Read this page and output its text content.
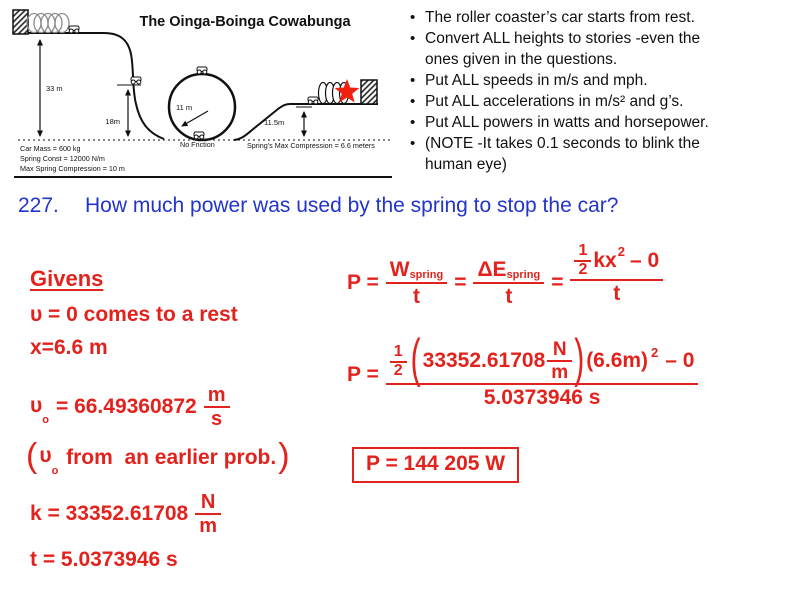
The Oinga-Boinga Cowabunga
33 m
18m
11 m
11.5m
No Friction	Spring's Max Compression = 6.6 meters
Car Mass = 600 kg
Spring Const = 12000 N/m
Max Spring Compression = 10 m
• The roller coaster’s car starts from rest.
• Convert ALL heights to stories -even the
ones given in the questions.
• Put ALL speeds in m/s and mph.
• Put ALL accelerations in m/s² and g’s.
• Put ALL powers in watts and horsepower.
• (NOTE -It takes 0.1 seconds to blink the
human eye)
227.	How much power was used by the spring to stop the car?
Givens
υ = 0 comes to a rest
x=6.6 m
$\upsilon_o$
= $66.49360872 \frac{m}{s}$
( $\upsilon_o$
from  an earlier prob. )
$k = 33352.61708 \frac{N}{m}$
t = 5.0373946 s
P =
$W_{spring}$
t
=
$\Delta E_{spring}$
t
= $\frac{\frac{1}{2} kx^2 - 0}{t}$
$P = \frac{1}{2}$ ( $33352.61708 \frac{N}{m}$ ) $(6.6m)^2 - 0$
5.0373946 s
P = 144 205 W
